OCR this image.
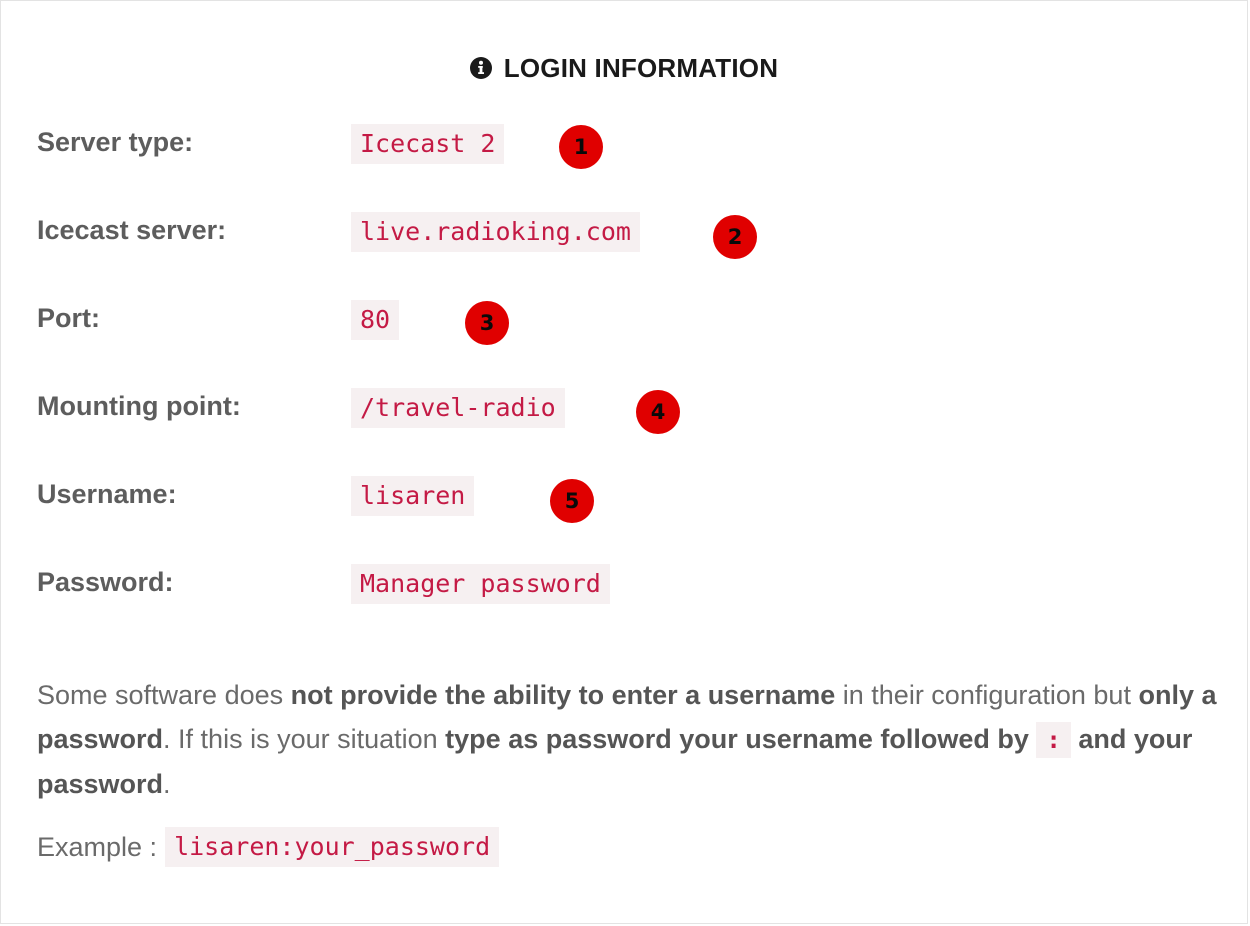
LOGIN INFORMATION
Server type:	Icecast 2	1
Icecast server:	live.radioking.com	2
Port:	80	3
Mounting point:	/travel-radio	4
Username:	lisaren	5
Password:	Manager password
Some software does not provide the ability to enter a username in their configuration but only a password. If this is your situation type as password your username followed by : and your password.
Example : lisaren:your_password
